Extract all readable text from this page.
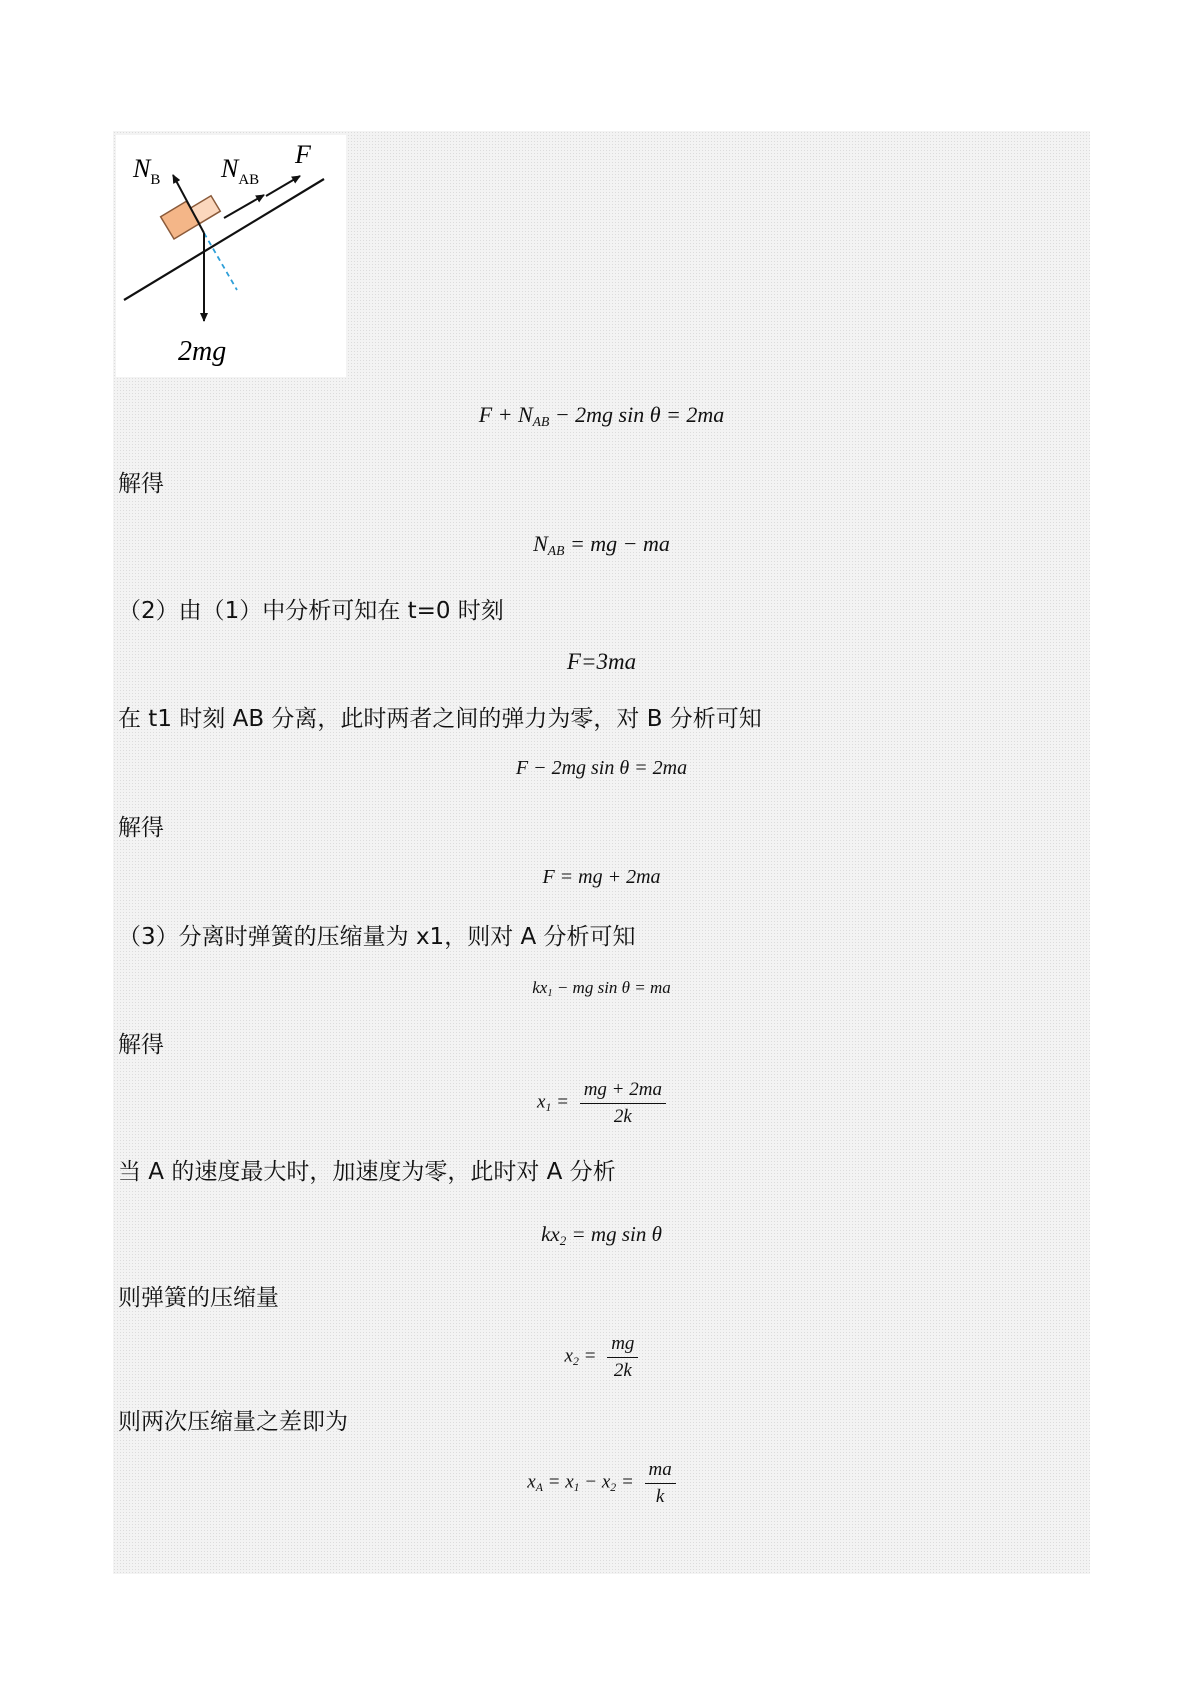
F
$N_B$ $N_{AB}$
2mg
$F + N_{AB} - 2mg$ sin θ = 2ma
解得
$N_{AB}$ = mg − ma
（2）由（1）中分析可知在 t=0 时刻
F=3ma
在 t1 时刻 AB 分离，此时两者之间的弹力为零，对 B 分析可知
F − 2mg sin θ = 2ma
解得
F = mg + 2ma
（3）分离时弹簧的压缩量为 x1，则对 A 分析可知
$kx_1$ − mg sin θ = ma
解得
$x_1 = \frac{mg + 2ma}{2k}$
当 A 的速度最大时，加速度为零，此时对 A 分析
$kx_2$ = mg sin θ
则弹簧的压缩量
$x_2 = \frac{mg}{2k}$
则两次压缩量之差即为
$x_A = x_1 - x_2 = \frac{ma}{k}$
